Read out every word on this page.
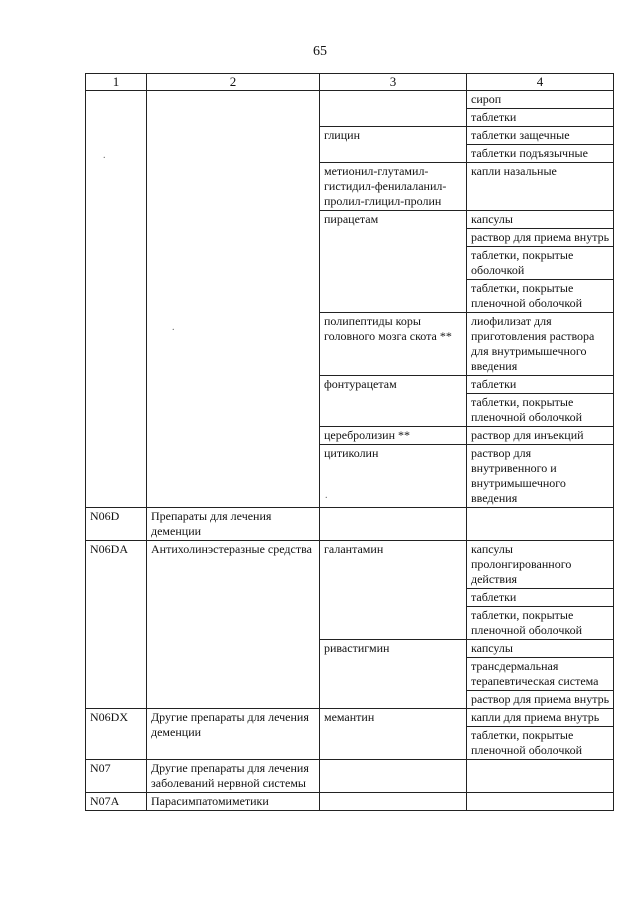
65
1	2	3	4
			сироп
			таблетки
		глицин	таблетки защечные
			таблетки подъязычные
		метионил-глутамил-гистидил-фенилаланил-пролил-глицил-пролин	капли назальные
		пирацетам	капсулы
			раствор для приема внутрь
			таблетки, покрытые оболочкой
			таблетки, покрытые пленочной оболочкой
		полипептиды коры головного мозга скота **	лиофилизат для приготовления раствора для внутримышечного введения
		фонтурацетам	таблетки
			таблетки, покрытые пленочной оболочкой
		церебролизин **	раствор для инъекций
		цитиколин	раствор для внутривенного и внутримышечного введения
N06D	Препараты для лечения деменции		
N06DA	Антихолинэстеразные средства	галантамин	капсулы пролонгированного действия
			таблетки
			таблетки, покрытые пленочной оболочкой
		ривастигмин	капсулы
			трансдермальная терапевтическая система
			раствор для приема внутрь
N06DX	Другие препараты для лечения деменции	мемантин	капли для приема внутрь
			таблетки, покрытые пленочной оболочкой
N07	Другие препараты для лечения заболеваний нервной системы		
N07A	Парасимпатомиметики		
.
.
.
